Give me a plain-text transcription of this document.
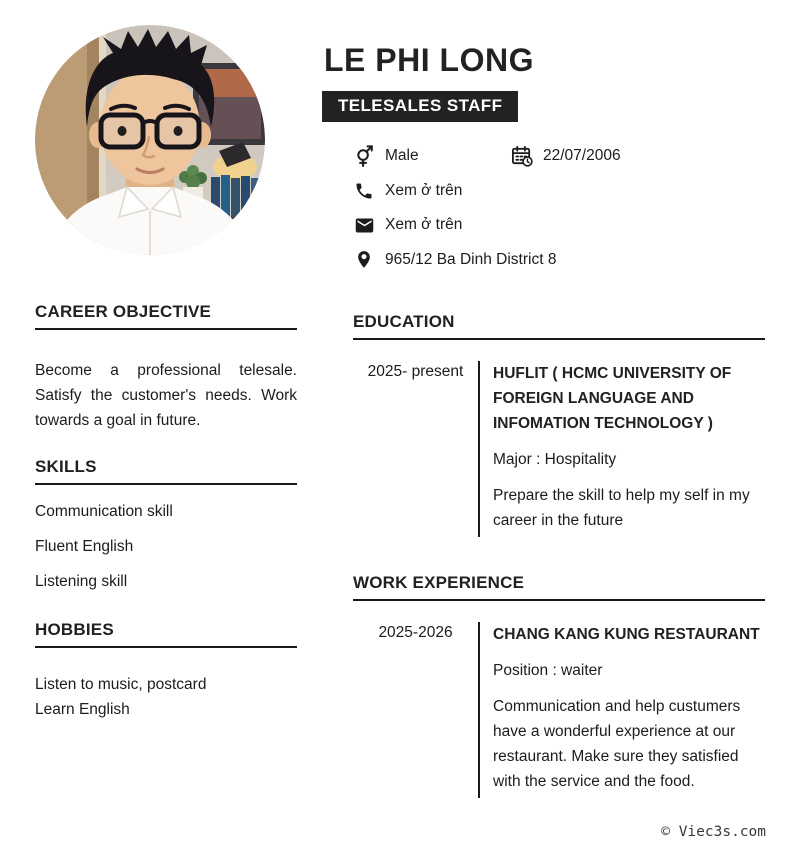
LE PHI LONG
TELESALES STAFF
Male	22/07/2006
Xem ở trên
Xem ở trên
965/12 Ba Dinh District 8
CAREER OBJECTIVE

Become a professional telesale. Satisfy the customer's needs. Work towards a goal in future.

SKILLS
Communication skill
Fluent English
Listening skill
HOBBIES
Listen to music, postcard
Learn English
EDUCATION
2025- present	HUFLIT ( HCMC UNIVERSITY OF FOREIGN LANGUAGE AND INFOMATION TECHNOLOGY )

Major : Hospitality

Prepare the skill to help my self in my career in the future

WORK EXPERIENCE
2025-2026	CHANG KANG KUNG RESTAURANT

Position : waiter

Communication and help custumers have a wonderful experience at our restaurant. Make sure they satisfied with the service and the food.

© Viec3s.com
